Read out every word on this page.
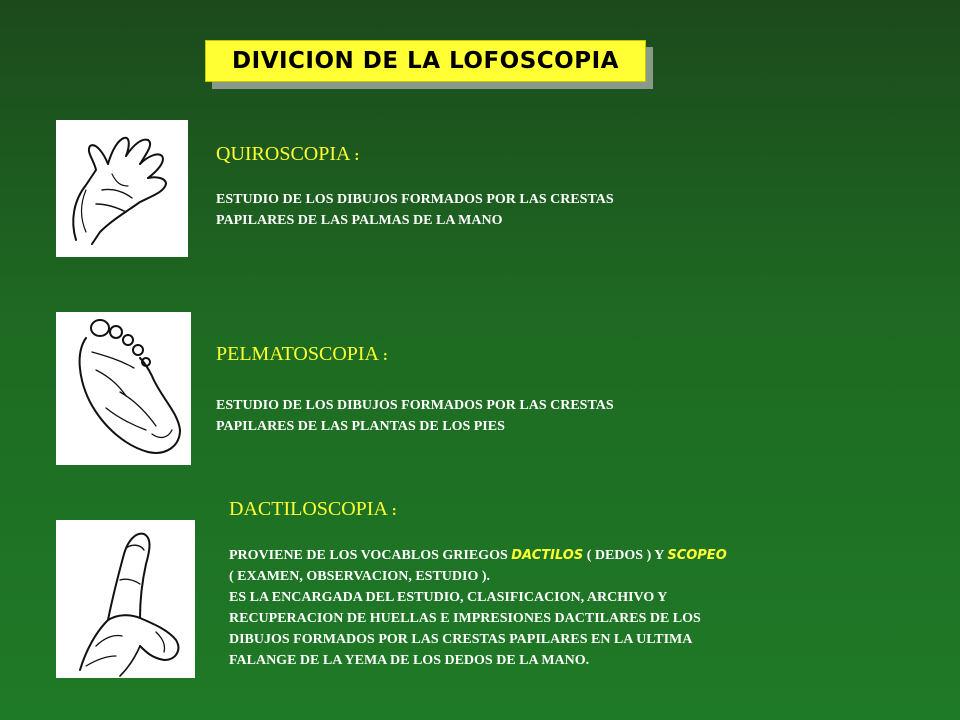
DIVICION DE LA LOFOSCOPIA
QUIROSCOPIA :
ESTUDIO DE LOS DIBUJOS FORMADOS POR LAS CRESTAS
PAPILARES DE LAS PALMAS DE LA MANO
PELMATOSCOPIA :
ESTUDIO DE LOS DIBUJOS FORMADOS POR LAS CRESTAS
PAPILARES DE LAS PLANTAS DE LOS PIES
DACTILOSCOPIA :
PROVIENE DE LOS VOCABLOS GRIEGOS DACTILOS ( DEDOS ) Y SCOPEO
( EXAMEN, OBSERVACION, ESTUDIO ).
ES LA ENCARGADA DEL ESTUDIO, CLASIFICACION, ARCHIVO Y
RECUPERACION DE HUELLAS E IMPRESIONES DACTILARES DE LOS
DIBUJOS FORMADOS POR LAS CRESTAS PAPILARES EN LA ULTIMA
FALANGE DE LA YEMA DE LOS DEDOS DE LA MANO.
